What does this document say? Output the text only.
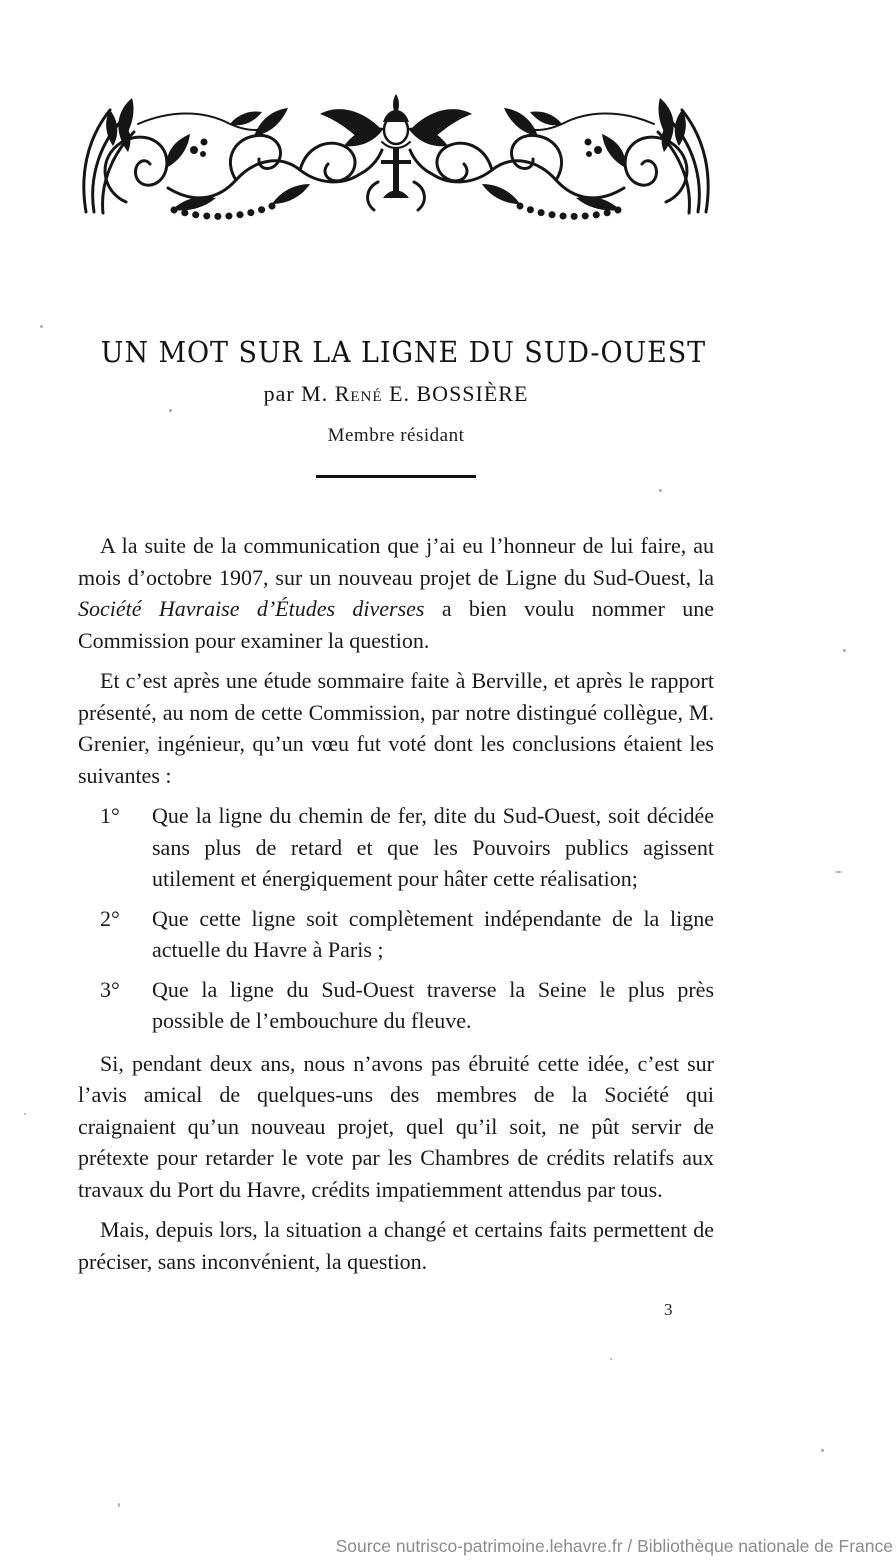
UN MOT SUR LA LIGNE DU SUD-OUEST
par M. René E. BOSSIÈRE
Membre résidant

A la suite de la communication que j’ai eu l’honneur de lui faire, au mois d’octobre 1907, sur un nouveau projet de Ligne du Sud-Ouest, la Société Havraise d’Études diverses a bien voulu nommer une Commission pour examiner la question.

Et c’est après une étude sommaire faite à Berville, et après le rapport présenté, au nom de cette Commission, par notre distingué collègue, M. Grenier, ingénieur, qu’un vœu fut voté dont les conclusions étaient les suivantes :

1° Que la ligne du chemin de fer, dite du Sud-Ouest, soit décidée sans plus de retard et que les Pouvoirs publics agissent utilement et énergiquement pour hâter cette réalisation;
2° Que cette ligne soit complètement indépendante de la ligne actuelle du Havre à Paris ;
3° Que la ligne du Sud-Ouest traverse la Seine le plus près possible de l’embouchure du fleuve.

Si, pendant deux ans, nous n’avons pas ébruité cette idée, c’est sur l’avis amical de quelques-uns des membres de la Société qui craignaient qu’un nouveau projet, quel qu’il soit, ne pût servir de prétexte pour retarder le vote par les Chambres de crédits relatifs aux travaux du Port du Havre, crédits impatiemment attendus par tous.

Mais, depuis lors, la situation a changé et certains faits permettent de préciser, sans inconvénient, la question.

3
Source nutrisco-patrimoine.lehavre.fr / Bibliothèque nationale de France
